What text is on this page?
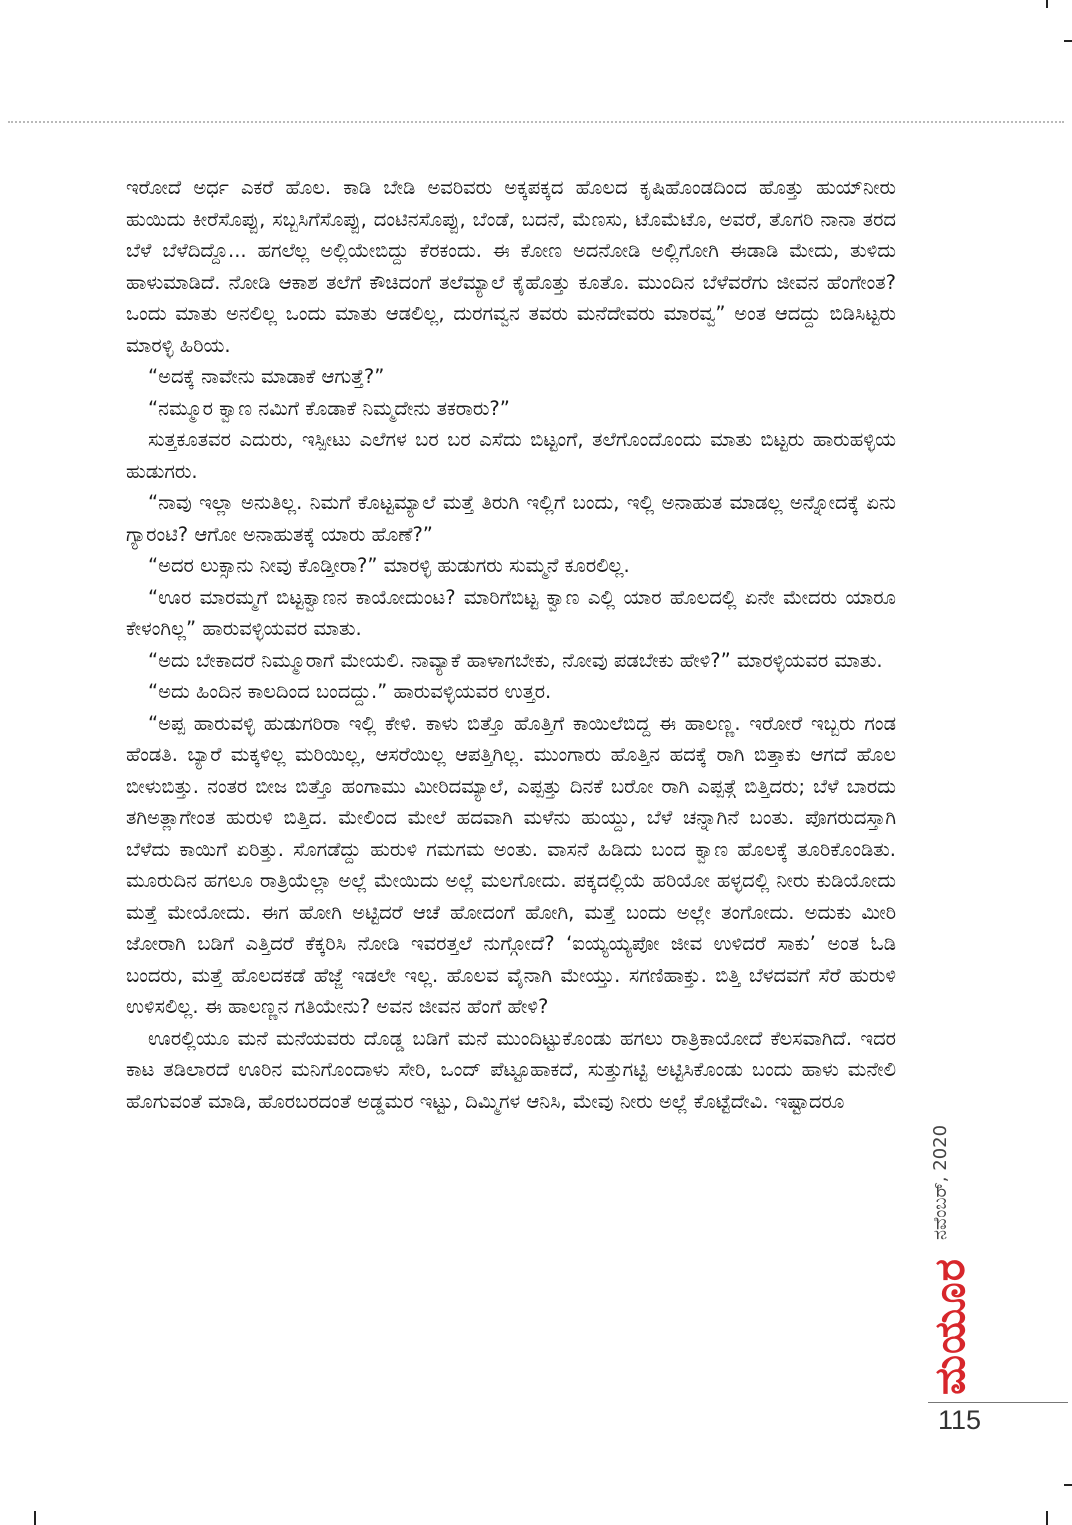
ಇರೋದೆ ಅರ್ಧ ಎಕರೆ ಹೊಲ. ಕಾಡಿ ಬೇಡಿ ಅವರಿವರು ಅಕ್ಕಪಕ್ಕದ ಹೊಲದ ಕೃಷಿಹೊಂಡದಿಂದ ಹೊತ್ತು ಹುಯ್‌ನೀರು ಹುಯಿದು ಕೀರೆಸೊಪ್ಪು, ಸಬ್ಬಸಿಗೆಸೊಪ್ಪು, ದಂಟಿನಸೊಪ್ಪು, ಬೆಂಡೆ, ಬದನೆ, ಮೆಣಸು, ಟೊಮೆಟೊ, ಅವರೆ, ತೊಗರಿ ನಾನಾ ತರದ ಬೆಳೆ ಬೆಳೆದಿದ್ದೊ... ಹಗಲೆಲ್ಲ ಅಲ್ಲಿಯೇಬಿದ್ದು ಕೆರಕಂದು. ಈ ಕೋಣ ಅದನೋಡಿ ಅಲ್ಲಿಗೋಗಿ ಈಡಾಡಿ ಮೇದು, ತುಳಿದು ಹಾಳುಮಾಡಿದೆ. ನೋಡಿ ಆಕಾಶ ತಲೆಗೆ ಕೌಚಿದಂಗೆ ತಲೆಮ್ಯಾಲೆ ಕೈಹೊತ್ತು ಕೂತೊ. ಮುಂದಿನ ಬೆಳೆವರೆಗು ಜೀವನ ಹೆಂಗೇಂತ? ಒಂದು ಮಾತು ಅನಲಿಲ್ಲ ಒಂದು ಮಾತು ಆಡಲಿಲ್ಲ, ದುರಗವ್ವನ ತವರು ಮನೆದೇವರು ಮಾರವ್ವ” ಅಂತ ಆದದ್ದು ಬಿಡಿಸಿಟ್ಟರು ಮಾರಳ್ಳಿ ಹಿರಿಯ.

“ಅದಕ್ಕೆ ನಾವೇನು ಮಾಡಾಕೆ ಆಗುತ್ತೆ?”

“ನಮ್ಮೂರ ಕ್ವಾಣ ನಮಿಗೆ ಕೊಡಾಕೆ ನಿಮ್ಮದೇನು ತಕರಾರು?”

ಸುತ್ತಕೂತವರ ಎದುರು, ಇಸ್ಪೀಟು ಎಲೆಗಳ ಬರ ಬರ ಎಸೆದು ಬಿಟ್ಟಂಗೆ, ತಲೆಗೊಂದೊಂದು ಮಾತು ಬಿಟ್ಟರು ಹಾರುಹಳ್ಳಿಯ ಹುಡುಗರು.

“ನಾವು ಇಲ್ಲಾ ಅನುತಿಲ್ಲ. ನಿಮಗೆ ಕೊಟ್ಟಮ್ಯಾಲೆ ಮತ್ತೆ ತಿರುಗಿ ಇಲ್ಲಿಗೆ ಬಂದು, ಇಲ್ಲಿ ಅನಾಹುತ ಮಾಡಲ್ಲ ಅನ್ನೋದಕ್ಕೆ ಏನು ಗ್ಯಾರಂಟಿ? ಆಗೋ ಅನಾಹುತಕ್ಕೆ ಯಾರು ಹೊಣೆ?”

“ಅದರ ಲುಕ್ಸಾನು ನೀವು ಕೊಡ್ತೀರಾ?” ಮಾರಳ್ಳಿ ಹುಡುಗರು ಸುಮ್ಮನೆ ಕೂರಲಿಲ್ಲ.

“ಊರ ಮಾರಮ್ಮಗೆ ಬಿಟ್ಟಕ್ವಾಣನ ಕಾಯೋದುಂಟ? ಮಾರಿಗೆಬಿಟ್ಟ ಕ್ವಾಣ ಎಲ್ಲಿ ಯಾರ ಹೊಲದಲ್ಲಿ ಏನೇ ಮೇದರು ಯಾರೂ ಕೇಳಂಗಿಲ್ಲ” ಹಾರುವಳ್ಳಿಯವರ ಮಾತು.

“ಅದು ಬೇಕಾದರೆ ನಿಮ್ಮೂರಾಗೆ ಮೇಯಲಿ. ನಾವ್ಯಾಕೆ ಹಾಳಾಗಬೇಕು, ನೋವು ಪಡಬೇಕು ಹೇಳಿ?” ಮಾರಳ್ಳಿಯವರ ಮಾತು.

“ಅದು ಹಿಂದಿನ ಕಾಲದಿಂದ ಬಂದದ್ದು.” ಹಾರುವಳ್ಳಿಯವರ ಉತ್ತರ.

“ಅಪ್ಪ ಹಾರುವಳ್ಳಿ ಹುಡುಗರಿರಾ ಇಲ್ಲಿ ಕೇಳಿ. ಕಾಳು ಬಿತ್ತೊ ಹೊತ್ತಿಗೆ ಕಾಯಿಲೆಬಿದ್ದ ಈ ಹಾಲಣ್ಣ. ಇರೋರೆ ಇಬ್ಬರು ಗಂಡ ಹೆಂಡತಿ. ಬ್ಯಾರೆ ಮಕ್ಕಳಿಲ್ಲ ಮರಿಯಿಲ್ಲ, ಆಸರೆಯಿಲ್ಲ ಆಪತ್ತಿಗಿಲ್ಲ. ಮುಂಗಾರು ಹೊತ್ತಿನ ಹದಕ್ಕೆ ರಾಗಿ ಬಿತ್ತಾಕು ಆಗದೆ ಹೊಲ ಬೀಳುಬಿತ್ತು. ನಂತರ ಬೀಜ ಬಿತ್ತೊ ಹಂಗಾಮು ಮೀರಿದಮ್ಯಾಲೆ, ಎಪ್ಪತ್ತು ದಿನಕೆ ಬರೋ ರಾಗಿ ಎಪ್ಪತ್ಗೆ ಬಿತ್ತಿದರು; ಬೆಳೆ ಬಾರದು ತಗಿಅತ್ಲಾಗೇಂತ ಹುರುಳಿ ಬಿತ್ತಿದ. ಮೇಲಿಂದ ಮೇಲೆ ಹದವಾಗಿ ಮಳೆನು ಹುಯ್ದು, ಬೆಳೆ ಚನ್ನಾಗಿನೆ ಬಂತು. ಪೊಗರುದಸ್ತಾಗಿ ಬೆಳೆದು ಕಾಯಿಗೆ ಏರಿತ್ತು. ಸೊಗಡೆದ್ದು ಹುರುಳಿ ಗಮಗಮ ಅಂತು. ವಾಸನೆ ಹಿಡಿದು ಬಂದ ಕ್ವಾಣ ಹೊಲಕ್ಕೆ ತೂರಿಕೊಂಡಿತು. ಮೂರುದಿನ ಹಗಲೂ ರಾತ್ರಿಯೆಲ್ಲಾ ಅಲ್ಲೆ ಮೇಯಿದು ಅಲ್ಲೆ ಮಲಗೋದು. ಪಕ್ಕದಲ್ಲಿಯೆ ಹರಿಯೋ ಹಳ್ಳದಲ್ಲಿ ನೀರು ಕುಡಿಯೋದು ಮತ್ತೆ ಮೇಯೋದು. ಈಗ ಹೋಗಿ ಅಟ್ಟಿದರೆ ಆಚೆ ಹೋದಂಗೆ ಹೋಗಿ, ಮತ್ತೆ ಬಂದು ಅಲ್ಲೇ ತಂಗೋದು. ಅದುಕು ಮೀರಿ ಜೋರಾಗಿ ಬಡಿಗೆ ಎತ್ತಿದರೆ ಕೆಕ್ಕರಿಸಿ ನೋಡಿ ಇವರತ್ತಲೆ ನುಗ್ಗೋದೆ? ‘ಐಯ್ಯಯ್ಯಪೋ ಜೀವ ಉಳಿದರೆ ಸಾಕು’ ಅಂತ ಓಡಿ ಬಂದರು, ಮತ್ತೆ ಹೊಲದಕಡೆ ಹೆಜ್ಜೆ ಇಡಲೇ ಇಲ್ಲ. ಹೊಲವ ವೈನಾಗಿ ಮೇಯ್ತು. ಸಗಣಿಹಾಕ್ತು. ಬಿತ್ತಿ ಬೆಳದವಗೆ ಸೆರೆ ಹುರುಳಿ ಉಳಿಸಲಿಲ್ಲ. ಈ ಹಾಲಣ್ಣನ ಗತಿಯೇನು? ಅವನ ಜೀವನ ಹೆಂಗೆ ಹೇಳಿ?

ಊರಲ್ಲಿಯೂ ಮನೆ ಮನೆಯವರು ದೊಡ್ಡ ಬಡಿಗೆ ಮನೆ ಮುಂದಿಟ್ಟುಕೊಂಡು ಹಗಲು ರಾತ್ರಿಕಾಯೋದೆ ಕೆಲಸವಾಗಿದೆ. ಇದರ ಕಾಟ ತಡಿಲಾರದೆ ಊರಿನ ಮನಿಗೊಂದಾಳು ಸೇರಿ, ಒಂದ್ ಪೆಟ್ಟೂಹಾಕದೆ, ಸುತ್ತುಗಟ್ಟಿ ಅಟ್ಟಿಸಿಕೊಂಡು ಬಂದು ಹಾಳು ಮನೇಲಿ ಹೊಗುವಂತೆ ಮಾಡಿ, ಹೊರಬರದಂತೆ ಅಡ್ಡಮರ ಇಟ್ಟು, ದಿಮ್ಮಿಗಳ ಆನಿಸಿ, ಮೇವು ನೀರು ಅಲ್ಲೆ ಕೊಟ್ಟೆದೇವಿ. ಇಷ್ಟಾದರೂ

ನವೆಂಬರ್, 2020
ಮಯೂರ
115
